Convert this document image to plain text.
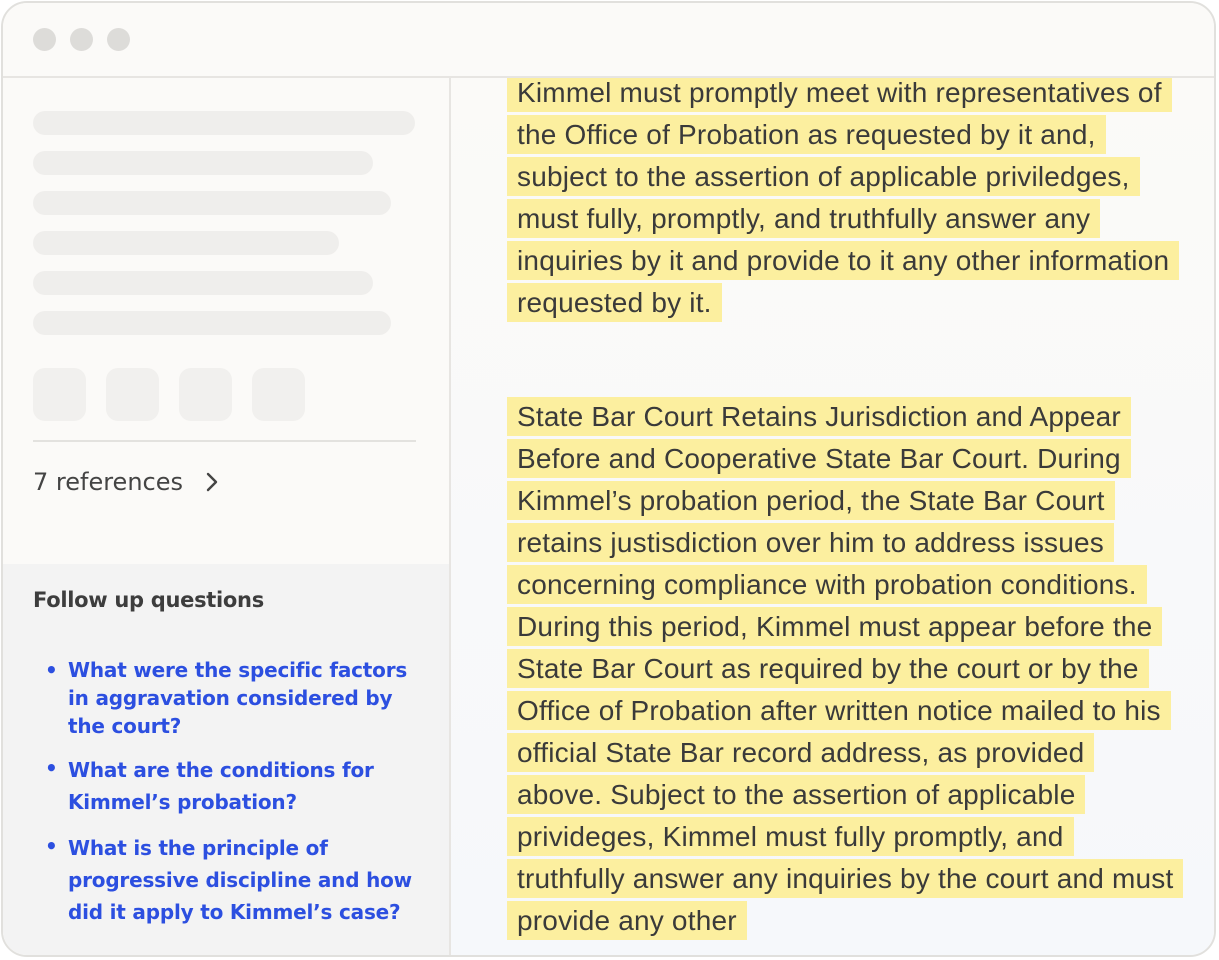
7 references
Follow up questions
• What were the specific factors in aggravation considered by the court?
• What are the conditions for Kimmel’s probation?
• What is the principle of progressive discipline and how did it apply to Kimmel’s case?
Kimmel must promptly meet with representatives of the Office of Probation as requested by it and, subject to the assertion of applicable priviledges, must fully, promptly, and truthfully answer any inquiries by it and provide to it any other information requested by it.
State Bar Court Retains Jurisdiction and Appear Before and Cooperative State Bar Court. During Kimmel’s probation period, the State Bar Court retains justisdiction over him to address issues concerning compliance with probation conditions. During this period, Kimmel must appear before the State Bar Court as required by the court or by the Office of Probation after written notice mailed to his official State Bar record address, as provided above. Subject to the assertion of applicable privideges, Kimmel must fully promptly, and truthfully answer any inquiries by the court and must provide any other
